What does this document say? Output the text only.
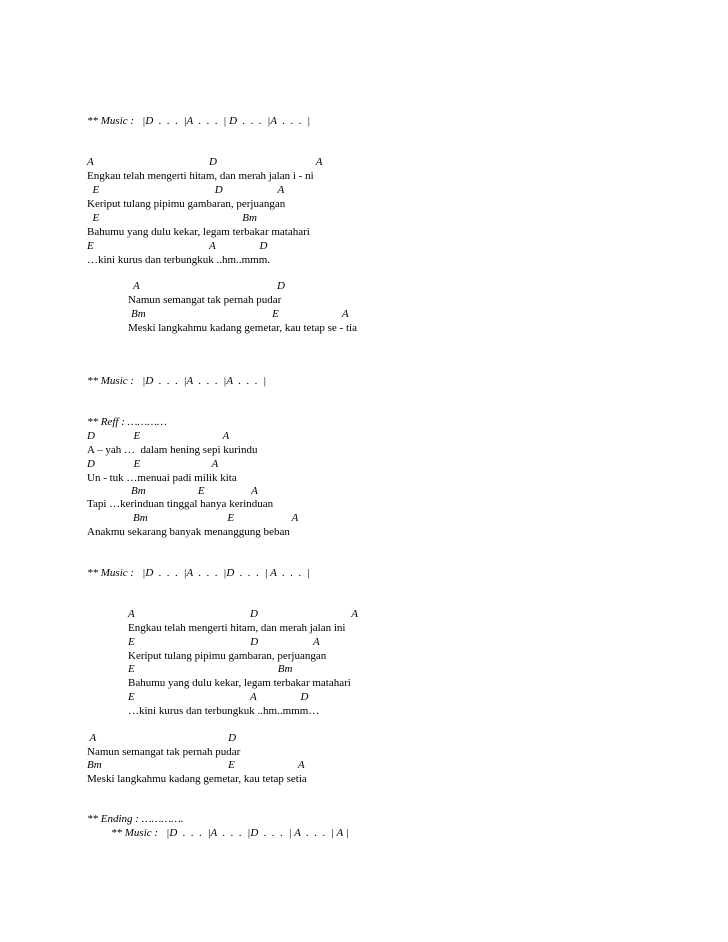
** Music :   |D  .  .  .  |A  .  .  .  | D  .  .  .  |A  .  .  .  |
A                                          D                                    A
Engkau telah mengerti hitam, dan merah jalan i - ni
E                                          D                    A
Keriput tulang pipimu gambaran, perjuangan
E                                                    Bm
Bahumu yang dulu kekar, legam terbakar matahari
E                                          A                D
…kini kurus dan terbungkuk ..hm..mmm.
A                                                  D
Namun semangat tak pernah pudar
Bm                                              E                       A
Meski langkahmu kadang gemetar, kau tetap se - tia
** Music :   |D  .  .  .  |A  .  .  .  |A  .  .  .  |
** Reff : …………
D              E                              A
A – yah …  dalam hening sepi kurindu
D              E                          A
Un - tuk …menuai padi milik kita
Bm                   E                 A
Tapi …kerinduan tinggal hanya kerinduan
Bm                             E                     A
Anakmu sekarang banyak menanggung beban
** Music :   |D  .  .  .  |A  .  .  .  |D  .  .  .  | A  .  .  .  |
A                                          D                                  A
Engkau telah mengerti hitam, dan merah jalan ini
E                                          D                    A
Keriput tulang pipimu gambaran, perjuangan
E                                                    Bm
Bahumu yang dulu kekar, legam terbakar matahari
E                                          A                D
…kini kurus dan terbungkuk ..hm..mmm…
A                                                D
Namun semangat tak pernah pudar
Bm                                              E                       A
Meski langkahmu kadang gemetar, kau tetap setia
** Ending : ………….
** Music :   |D  .  .  .  |A  .  .  .  |D  .  .  .  | A  .  .  .  | A |
